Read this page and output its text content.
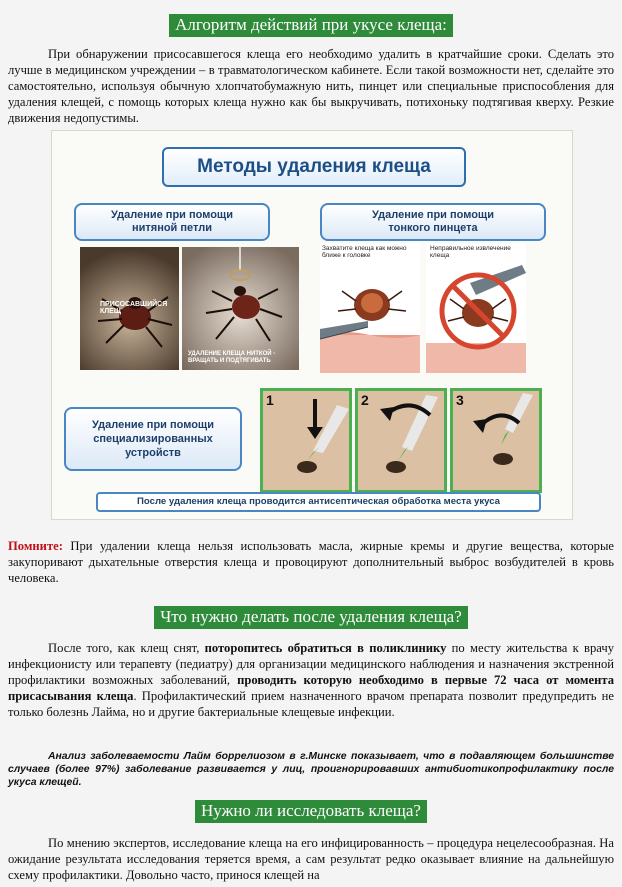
Алгоритм действий при укусе клеща:

При обнаружении присосавшегося клеща его необходимо удалить в кратчайшие сроки. Сделать это лучше в медицинском учреждении – в травматологическом кабинете. Если такой возможности нет, сделайте это самостоятельно, используя обычную хлопчатобумажную нить, пинцет или специальные приспособления для удаления клещей, с помощь которых клеща нужно как бы выкручивать, потихоньку подтягивая кверху. Резкие движения недопустимы.

Методы удаления клеща
Удаление при помощи нитяной петли
Удаление при помощи тонкого пинцета
ПРИСОСАВШИЙСЯ КЛЕЩ
УДАЛЕНИЕ КЛЕЩА НИТКОЙ - ВРАЩАТЬ И ПОДТЯГИВАТЬ
Захватите клеща как можно ближе к головке
Неправильное извлечение клеща
Удаление при помощи специализированных устройств
1	2	3
После удаления клеща проводится антисептическая обработка места укуса

Помните: При удалении клеща нельзя использовать масла, жирные кремы и другие вещества, которые закупоривают дыхательные отверстия клеща и провоцируют дополнительный выброс возбудителей в кровь человека.

Что нужно делать после удаления клеща?

После того, как клещ снят, поторопитесь обратиться в поликлинику по месту жительства к врачу инфекционисту или терапевту (педиатру) для организации медицинского наблюдения и назначения экстренной профилактики возможных заболеваний, проводить которую необходимо в первые 72 часа от момента присасывания клеща. Профилактический прием назначенного врачом препарата позволит предупредить не только болезнь Лайма, но и другие бактериальные клещевые инфекции.

Анализ заболеваемости Лайм боррелиозом в г.Минске показывает, что в подавляющем большинстве случаев (более 97%) заболевание развивается у лиц, проигнорировавших антибиотикопрофилактику после укуса клещей.

Нужно ли исследовать клеща?

По мнению экспертов, исследование клеща на его инфицированность – процедура нецелесообразная. На ожидание результата исследования теряется время, а сам результат редко оказывает влияние на дальнейшую схему профилактики. Довольно часто, принося клещей на
